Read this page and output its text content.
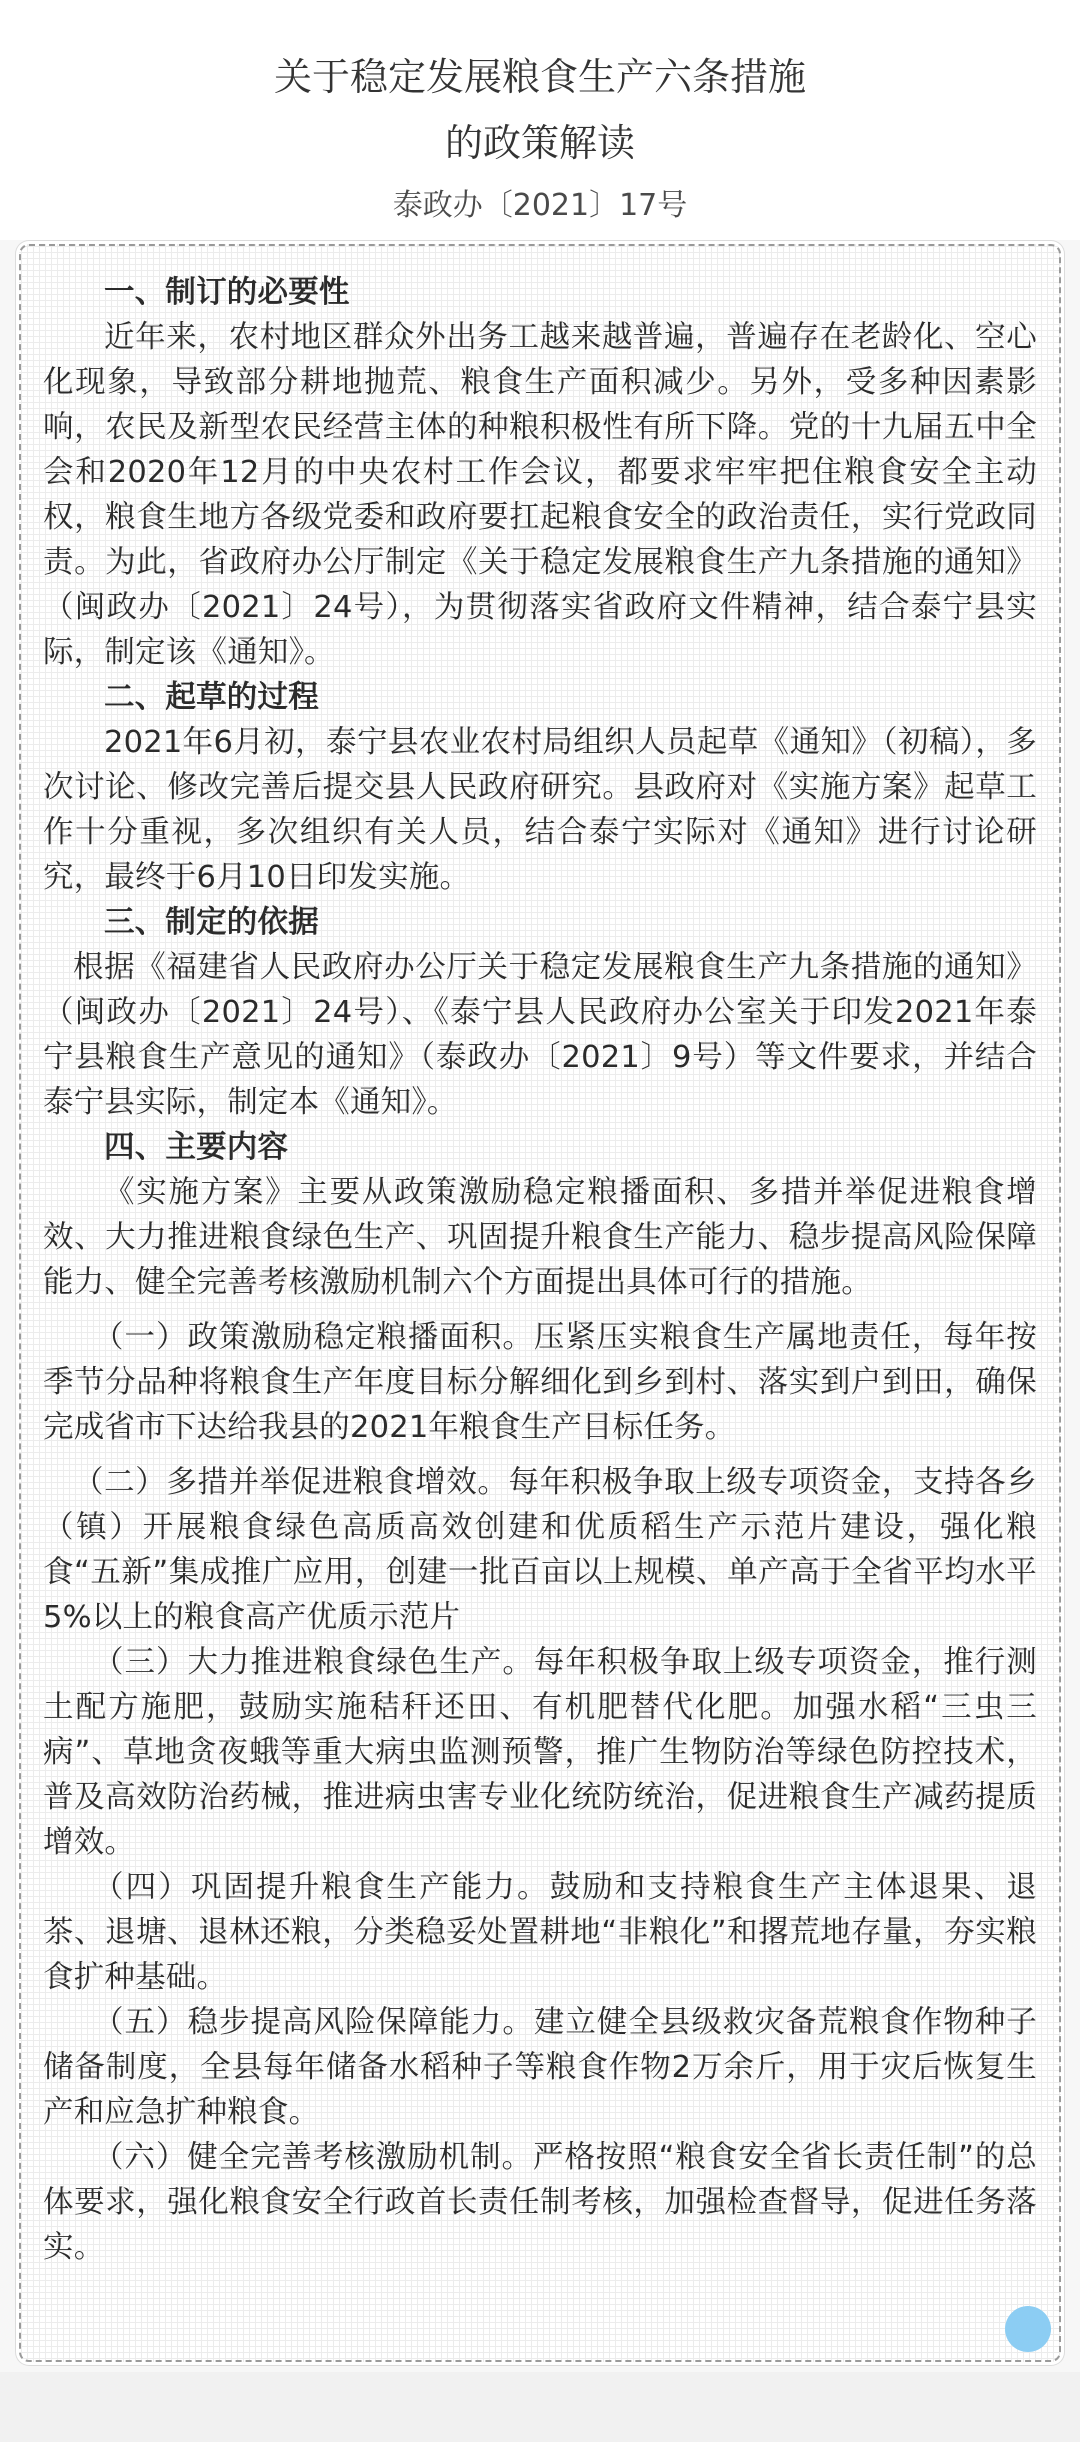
关于稳定发展粮食生产六条措施
的政策解读
泰政办〔2021〕17号

一、制订的必要性

近年来，农村地区群众外出务工越来越普遍，普遍存在老龄化、空心化现象，导致部分耕地抛荒、粮食生产面积减少。另外，受多种因素影响，农民及新型农民经营主体的种粮积极性有所下降。党的十九届五中全会和2020年12月的中央农村工作会议，都要求牢牢把住粮食安全主动权，粮食生地方各级党委和政府要扛起粮食安全的政治责任，实行党政同责。为此，省政府办公厅制定《关于稳定发展粮食生产九条措施的通知》（闽政办〔2021〕24号），为贯彻落实省政府文件精神，结合泰宁县实际，制定该《通知》。

二、起草的过程

2021年6月初，泰宁县农业农村局组织人员起草《通知》（初稿），多次讨论、修改完善后提交县人民政府研究。县政府对《实施方案》起草工作十分重视，多次组织有关人员，结合泰宁实际对《通知》进行讨论研究，最终于6月10日印发实施。

三、制定的依据

根据《福建省人民政府办公厅关于稳定发展粮食生产九条措施的通知》（闽政办〔2021〕24号）、《泰宁县人民政府办公室关于印发2021年泰宁县粮食生产意见的通知》（泰政办〔2021〕9号）等文件要求，并结合泰宁县实际，制定本《通知》。

四、主要内容

《实施方案》主要从政策激励稳定粮播面积、多措并举促进粮食增效、大力推进粮食绿色生产、巩固提升粮食生产能力、稳步提高风险保障能力、健全完善考核激励机制六个方面提出具体可行的措施。

（一）政策激励稳定粮播面积。压紧压实粮食生产属地责任，每年按季节分品种将粮食生产年度目标分解细化到乡到村、落实到户到田，确保完成省市下达给我县的2021年粮食生产目标任务。

（二）多措并举促进粮食增效。每年积极争取上级专项资金，支持各乡（镇）开展粮食绿色高质高效创建和优质稻生产示范片建设，强化粮食“五新”集成推广应用，创建一批百亩以上规模、单产高于全省平均水平5%以上的粮食高产优质示范片

（三）大力推进粮食绿色生产。每年积极争取上级专项资金，推行测土配方施肥，鼓励实施秸秆还田、有机肥替代化肥。加强水稻“三虫三病”、草地贪夜蛾等重大病虫监测预警，推广生物防治等绿色防控技术，普及高效防治药械，推进病虫害专业化统防统治，促进粮食生产减药提质增效。

（四）巩固提升粮食生产能力。鼓励和支持粮食生产主体退果、退茶、退塘、退林还粮，分类稳妥处置耕地“非粮化”和撂荒地存量，夯实粮食扩种基础。

（五）稳步提高风险保障能力。建立健全县级救灾备荒粮食作物种子储备制度，全县每年储备水稻种子等粮食作物2万余斤，用于灾后恢复生产和应急扩种粮食。

（六）健全完善考核激励机制。严格按照“粮食安全省长责任制”的总体要求，强化粮食安全行政首长责任制考核，加强检查督导，促进任务落实。
